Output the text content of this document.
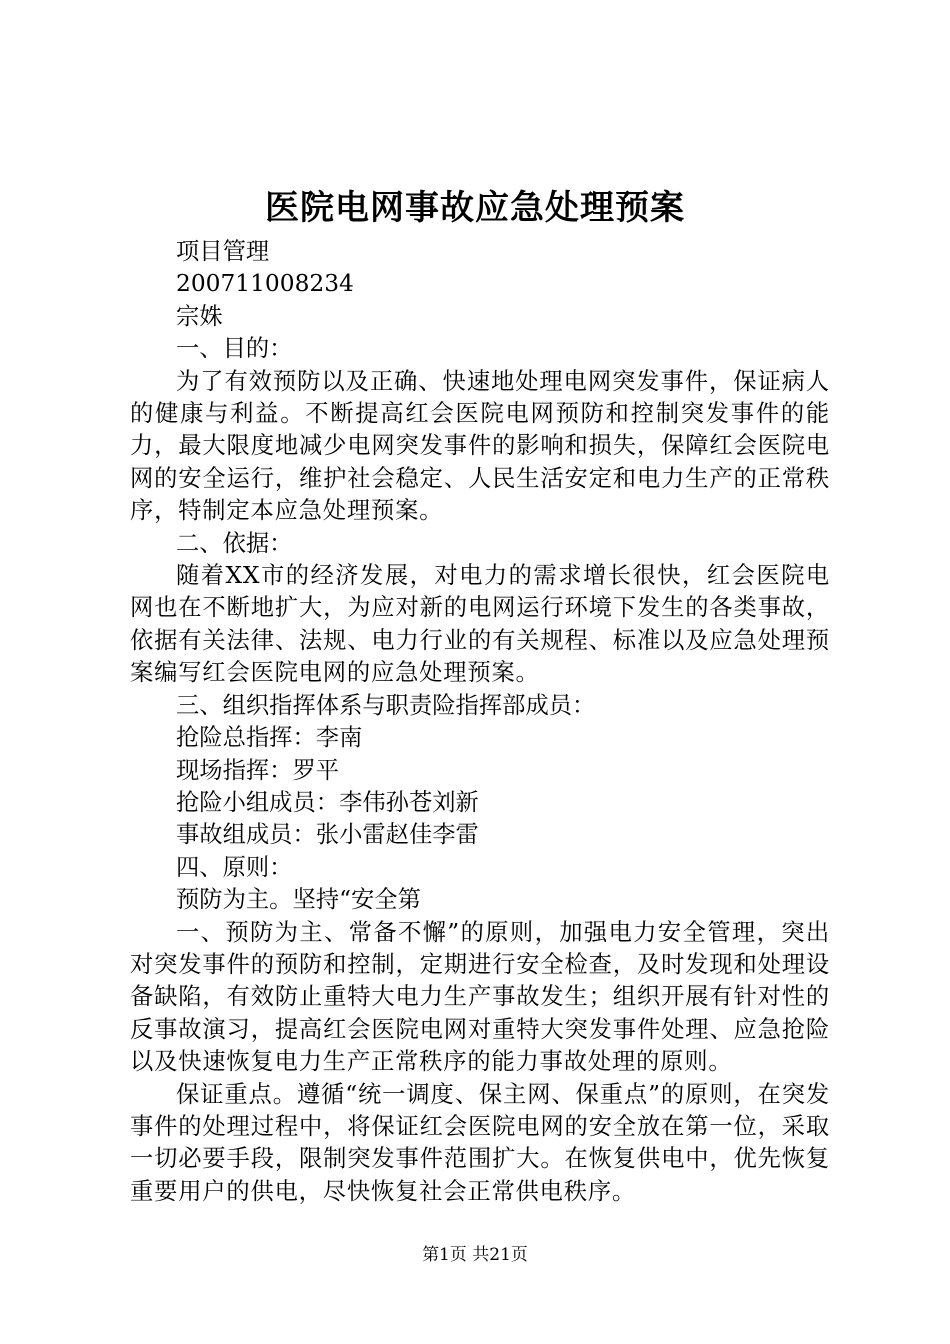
医院电网事故应急处理预案
项目管理
200711008234
宗姝
一、目的：
为了有效预防以及正确、快速地处理电网突发事件，保证病人的健康与利益。不断提高红会医院电网预防和控制突发事件的能力，最大限度地减少电网突发事件的影响和损失，保障红会医院电网的安全运行，维护社会稳定、人民生活安定和电力生产的正常秩序，特制定本应急处理预案。
二、依据：
随着XX市的经济发展，对电力的需求增长很快，红会医院电网也在不断地扩大，为应对新的电网运行环境下发生的各类事故，依据有关法律、法规、电力行业的有关规程、标准以及应急处理预案编写红会医院电网的应急处理预案。
三、组织指挥体系与职责险指挥部成员：
抢险总指挥：李南
现场指挥：罗平
抢险小组成员：李伟孙苍刘新
事故组成员：张小雷赵佳李雷
四、原则：
预防为主。坚持“安全第
一、预防为主、常备不懈”的原则，加强电力安全管理，突出对突发事件的预防和控制，定期进行安全检查，及时发现和处理设备缺陷，有效防止重特大电力生产事故发生；组织开展有针对性的反事故演习，提高红会医院电网对重特大突发事件处理、应急抢险以及快速恢复电力生产正常秩序的能力事故处理的原则。
保证重点。遵循“统一调度、保主网、保重点”的原则，在突发事件的处理过程中，将保证红会医院电网的安全放在第一位，采取一切必要手段，限制突发事件范围扩大。在恢复供电中，优先恢复重要用户的供电，尽快恢复社会正常供电秩序。
第1页 共21页
